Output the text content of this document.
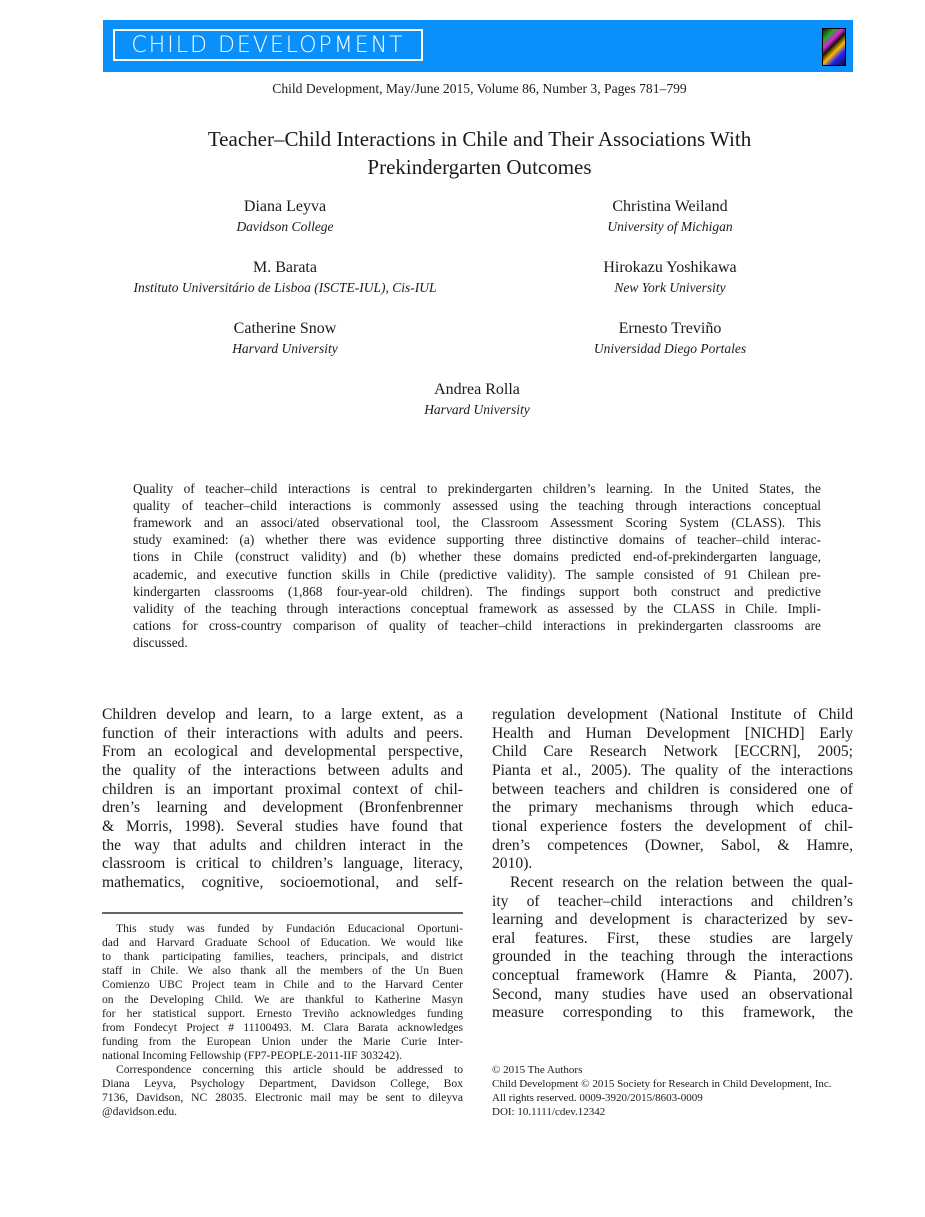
CHILD DEVELOPMENT
Child Development, May/June 2015, Volume 86, Number 3, Pages 781–799
Teacher–Child Interactions in Chile and Their Associations With
Prekindergarten Outcomes
Diana Leyva
Davidson College
Christina Weiland
University of Michigan
M. Barata
Instituto Universitário de Lisboa (ISCTE-IUL), Cis-IUL
Hirokazu Yoshikawa
New York University
Catherine Snow
Harvard University
Ernesto Treviño
Universidad Diego Portales
Andrea Rolla
Harvard University
Quality of teacher–child interactions is central to prekindergarten children’s learning. In the United States, the
quality of teacher–child interactions is commonly assessed using the teaching through interactions conceptual
framework and an associ/ated observational tool, the Classroom Assessment Scoring System (CLASS). This
study examined: (a) whether there was evidence supporting three distinctive domains of teacher–child interac-
tions in Chile (construct validity) and (b) whether these domains predicted end-of-prekindergarten language,
academic, and executive function skills in Chile (predictive validity). The sample consisted of 91 Chilean pre-
kindergarten classrooms (1,868 four-year-old children). The findings support both construct and predictive
validity of the teaching through interactions conceptual framework as assessed by the CLASS in Chile. Impli-
cations for cross-country comparison of quality of teacher–child interactions in prekindergarten classrooms are
discussed.
Children develop and learn, to a large extent, as a
function of their interactions with adults and peers.
From an ecological and developmental perspective,
the quality of the interactions between adults and
children is an important proximal context of chil-
dren’s learning and development (Bronfenbrenner
& Morris, 1998). Several studies have found that
the way that adults and children interact in the
classroom is critical to children’s language, literacy,
mathematics, cognitive, socioemotional, and self-
regulation development (National Institute of Child
Health and Human Development [NICHD] Early
Child Care Research Network [ECCRN], 2005;
Pianta et al., 2005). The quality of the interactions
between teachers and children is considered one of
the primary mechanisms through which educa-
tional experience fosters the development of chil-
dren’s competences (Downer, Sabol, & Hamre,
2010).
Recent research on the relation between the qual-
ity of teacher–child interactions and children’s
learning and development is characterized by sev-
eral features. First, these studies are largely
grounded in the teaching through the interactions
conceptual framework (Hamre & Pianta, 2007).
Second, many studies have used an observational
measure corresponding to this framework, the
This study was funded by Fundación Educacional Oportuni-
dad and Harvard Graduate School of Education. We would like
to thank participating families, teachers, principals, and district
staff in Chile. We also thank all the members of the Un Buen
Comienzo UBC Project team in Chile and to the Harvard Center
on the Developing Child. We are thankful to Katherine Masyn
for her statistical support. Ernesto Treviño acknowledges funding
from Fondecyt Project # 11100493. M. Clara Barata acknowledges
funding from the European Union under the Marie Curie Inter-
national Incoming Fellowship (FP7-PEOPLE-2011-IIF 303242).
Correspondence concerning this article should be addressed to
Diana Leyva, Psychology Department, Davidson College, Box
7136, Davidson, NC 28035. Electronic mail may be sent to dileyva
@davidson.edu.
© 2015 The Authors
Child Development © 2015 Society for Research in Child Development, Inc.
All rights reserved. 0009-3920/2015/8603-0009
DOI: 10.1111/cdev.12342
